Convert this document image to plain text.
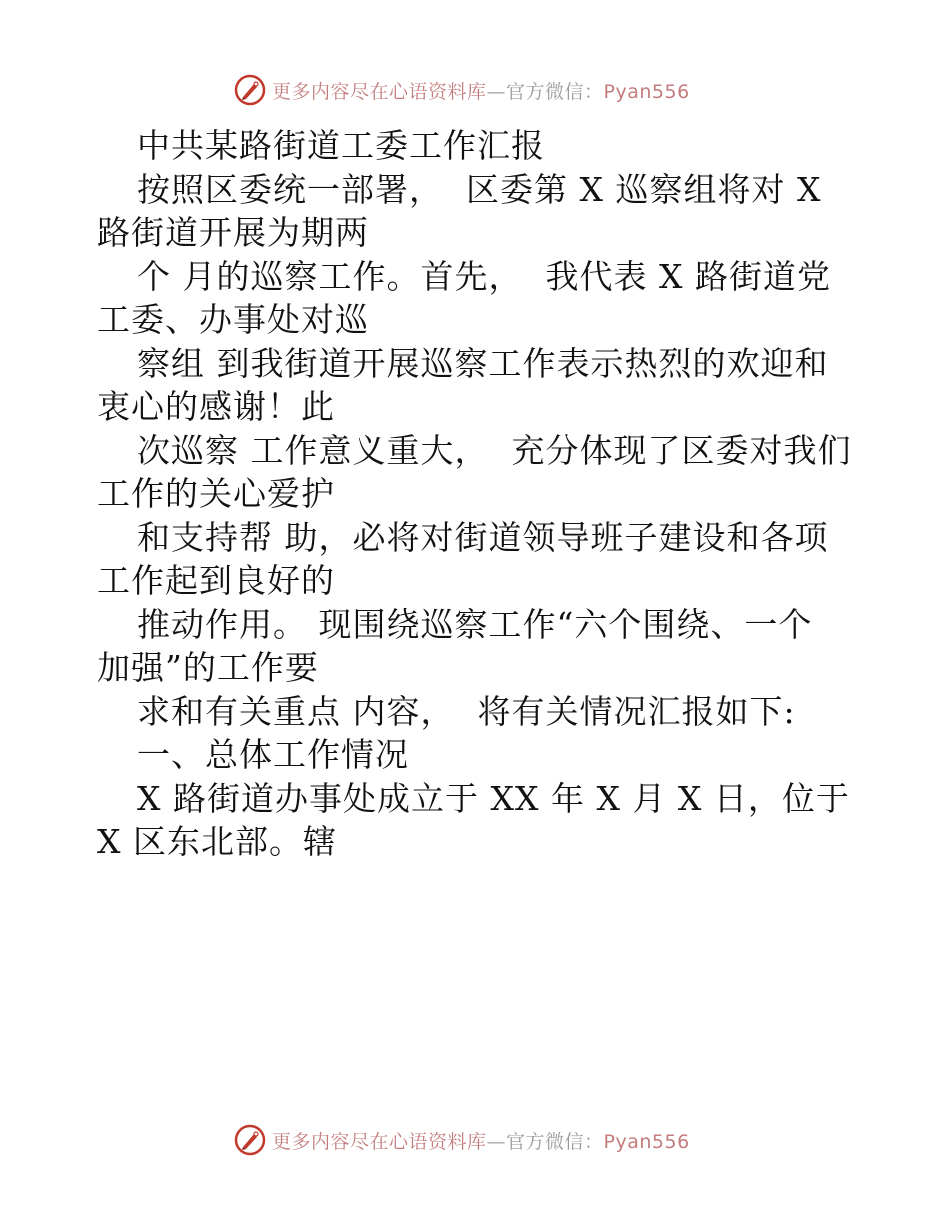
更多内容尽在心语资料库—官方微信：Pyan556
中共某路街道工委工作汇报
按照区委统一部署，  区委第 X 巡察组将对 X
路街道开展为期两
个 月的巡察工作。首先，  我代表 X 路街道党
工委、办事处对巡
察组 到我街道开展巡察工作表示热烈的欢迎和
衷心的感谢！此
次巡察 工作意义重大，  充分体现了区委对我们
工作的关心爱护
和支持帮 助，必将对街道领导班子建设和各项
工作起到良好的
推动作用。 现围绕巡察工作“六个围绕、一个
加强”的工作要
求和有关重点 内容，  将有关情况汇报如下:
一、总体工作情况
X 路街道办事处成立于 XX 年 X 月 X 日，位于
X 区东北部。辖
更多内容尽在心语资料库—官方微信：Pyan556
